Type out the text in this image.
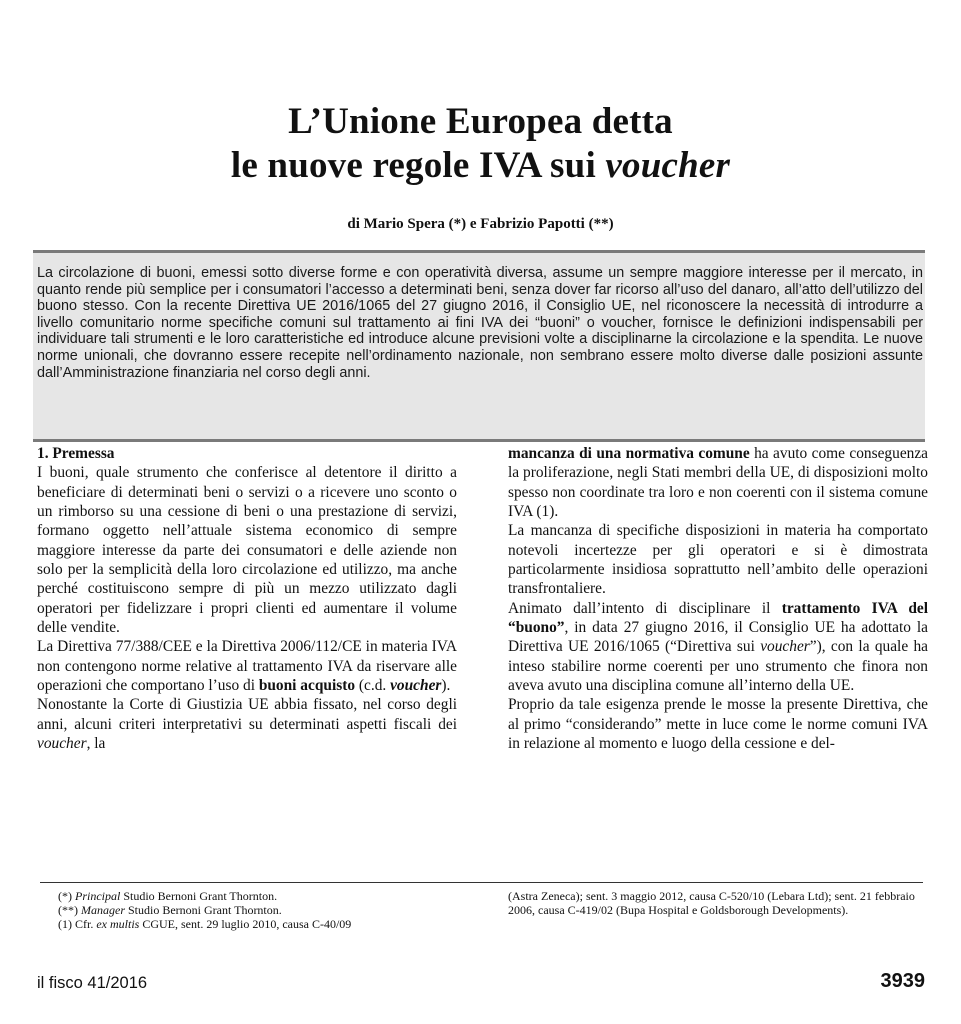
L’Unione Europea detta
le nuove regole IVA sui voucher
di Mario Spera (*) e Fabrizio Papotti (**)
La circolazione di buoni, emessi sotto diverse forme e con operatività diversa, assume un sempre maggiore interesse per il mercato, in quanto rende più semplice per i consumatori l’accesso a determinati beni, senza dover far ricorso all’uso del danaro, all’atto dell’utilizzo del buono stesso. Con la recente Direttiva UE 2016/1065 del 27 giugno 2016, il Consiglio UE, nel riconoscere la necessità di introdurre a livello comunitario norme specifiche comuni sul trattamento ai fini IVA dei “buoni” o voucher, fornisce le definizioni indispensabili per individuare tali strumenti e le loro caratteristiche ed introduce alcune previsioni volte a disciplinarne la circolazione e la spendita. Le nuove norme unionali, che dovranno essere recepite nell’ordinamento nazionale, non sembrano essere molto diverse dalle posizioni assunte dall’Amministrazione finanziaria nel corso degli anni.

1. Premessa

I buoni, quale strumento che conferisce al detentore il diritto a beneficiare di determinati beni o servizi o a ricevere uno sconto o un rimborso su una cessione di beni o una prestazione di servizi, formano oggetto nell’attuale sistema economico di sempre maggiore interesse da parte dei consumatori e delle aziende non solo per la semplicità della loro circolazione ed utilizzo, ma anche perché costituiscono sempre di più un mezzo utilizzato dagli operatori per fidelizzare i propri clienti ed aumentare il volume delle vendite.

La Direttiva 77/388/CEE e la Direttiva 2006/112/CE in materia IVA non contengono norme relative al trattamento IVA da riservare alle operazioni che comportano l’uso di buoni acquisto (c.d. voucher).

Nonostante la Corte di Giustizia UE abbia fissato, nel corso degli anni, alcuni criteri interpretativi su determinati aspetti fiscali dei voucher, la

mancanza di una normativa comune ha avuto come conseguenza la proliferazione, negli Stati membri della UE, di disposizioni molto spesso non coordinate tra loro e non coerenti con il sistema comune IVA (1).

La mancanza di specifiche disposizioni in materia ha comportato notevoli incertezze per gli operatori e si è dimostrata particolarmente insidiosa soprattutto nell’ambito delle operazioni transfrontaliere.

Animato dall’intento di disciplinare il trattamento IVA del “buono”, in data 27 giugno 2016, il Consiglio UE ha adottato la Direttiva UE 2016/1065 (“Direttiva sui voucher”), con la quale ha inteso stabilire norme coerenti per uno strumento che finora non aveva avuto una disciplina comune all’interno della UE.

Proprio da tale esigenza prende le mosse la presente Direttiva, che al primo “considerando” mette in luce come le norme comuni IVA in relazione al momento e luogo della cessione e del-

(*) Principal Studio Bernoni Grant Thornton.
(**) Manager Studio Bernoni Grant Thornton.
(1) Cfr. ex multis CGUE, sent. 29 luglio 2010, causa C-40/09
(Astra Zeneca); sent. 3 maggio 2012, causa C-520/10 (Lebara Ltd); sent. 21 febbraio 2006, causa C-419/02 (Bupa Hospital e Goldsborough Developments).
il fisco 41/2016	3939
